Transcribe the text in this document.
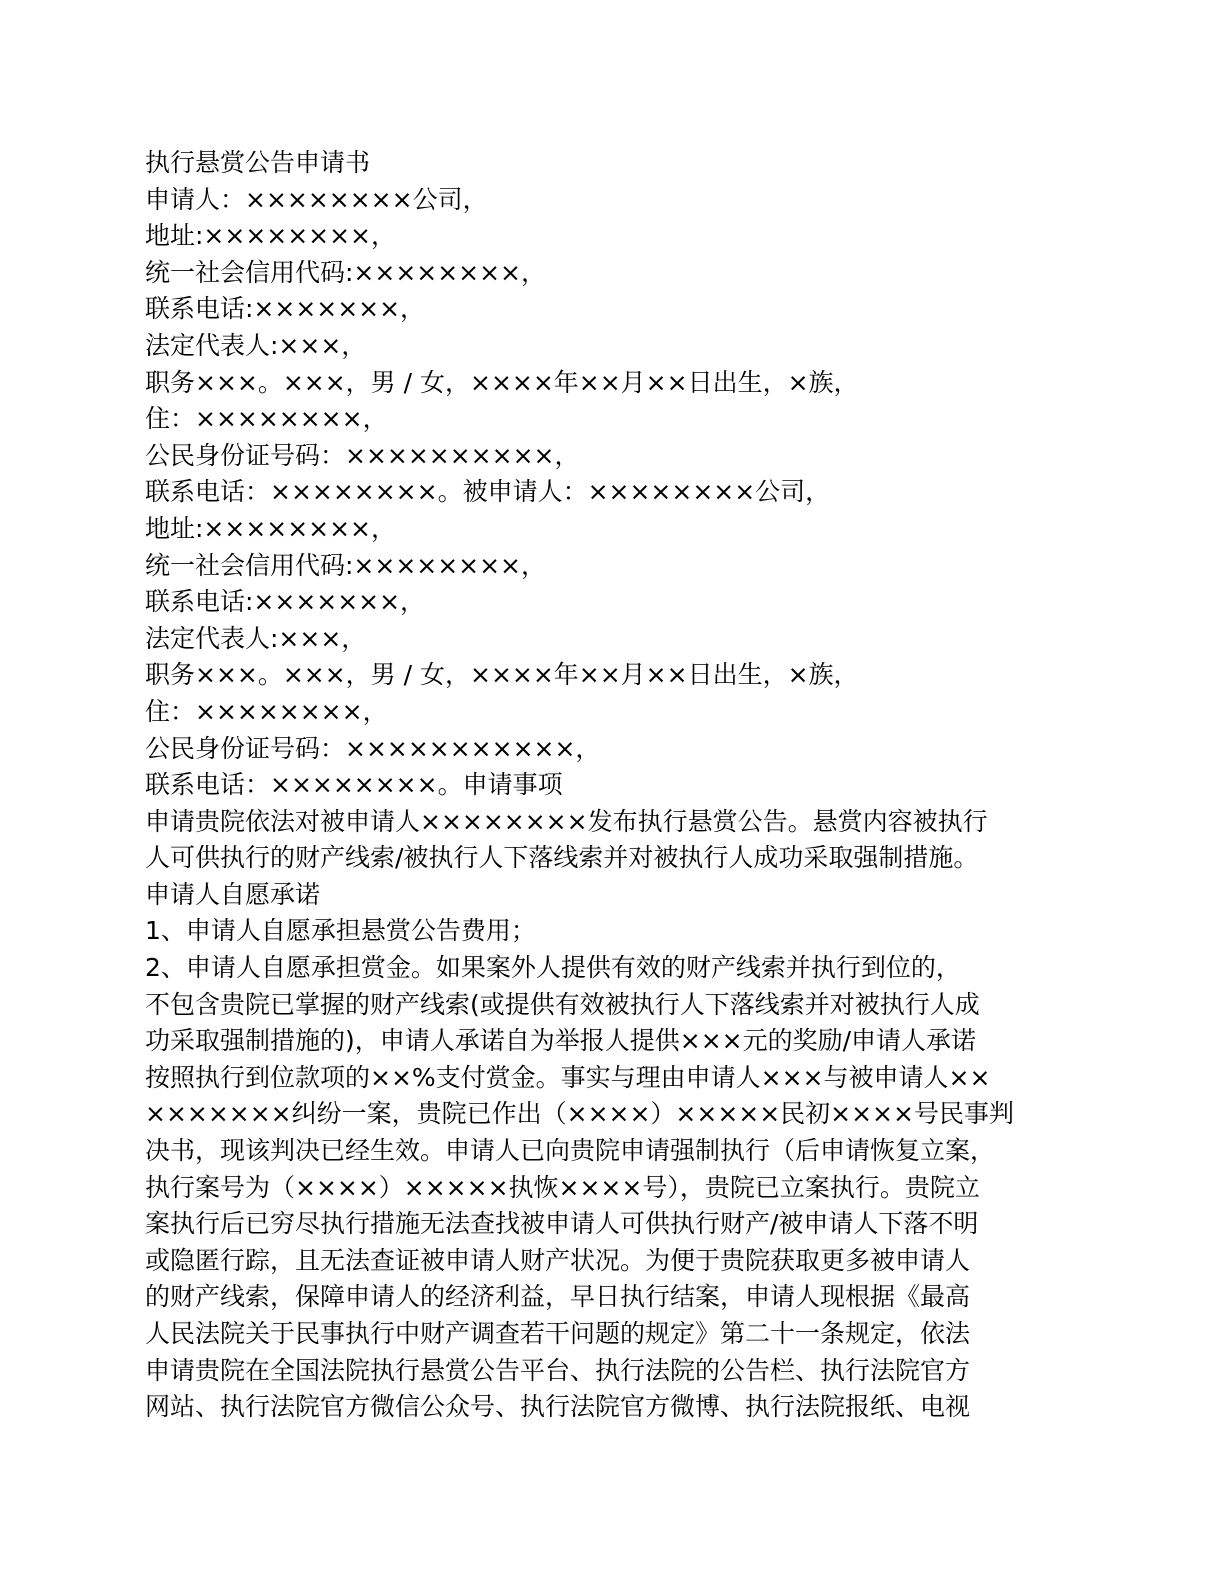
执行悬赏公告申请书
申请人：××××××××公司，
地址:××××××××，
统一社会信用代码:××××××××，
联系电话:×××××××，
法定代表人:×××，
职务×××。×××，男 / 女，××××年××月××日出生，×族，
住：××××××××，
公民身份证号码：××××××××××，
联系电话：××××××××。被申请人：××××××××公司，
地址:××××××××，
统一社会信用代码:××××××××，
联系电话:×××××××，
法定代表人:×××，
职务×××。×××，男 / 女，××××年××月××日出生，×族，
住：××××××××，
公民身份证号码：×××××××××××，
联系电话：××××××××。申请事项
申请贵院依法对被申请人××××××××发布执行悬赏公告。悬赏内容被执行
人可供执行的财产线索/被执行人下落线索并对被执行人成功采取强制措施。
申请人自愿承诺
1、申请人自愿承担悬赏公告费用；
2、申请人自愿承担赏金。如果案外人提供有效的财产线索并执行到位的，
不包含贵院已掌握的财产线索(或提供有效被执行人下落线索并对被执行人成
功采取强制措施的)，申请人承诺自为举报人提供×××元的奖励/申请人承诺
按照执行到位款项的××%支付赏金。事实与理由申请人×××与被申请人××
×××××××纠纷一案，贵院已作出（××××）×××××民初××××号民事判
决书，现该判决已经生效。申请人已向贵院申请强制执行（后申请恢复立案，
执行案号为（××××）×××××执恢××××号），贵院已立案执行。贵院立
案执行后已穷尽执行措施无法查找被申请人可供执行财产/被申请人下落不明
或隐匿行踪，且无法查证被申请人财产状况。为便于贵院获取更多被申请人
的财产线索，保障申请人的经济利益，早日执行结案，申请人现根据《最高
人民法院关于民事执行中财产调查若干问题的规定》第二十一条规定，依法
申请贵院在全国法院执行悬赏公告平台、执行法院的公告栏、执行法院官方
网站、执行法院官方微信公众号、执行法院官方微博、执行法院报纸、电视
